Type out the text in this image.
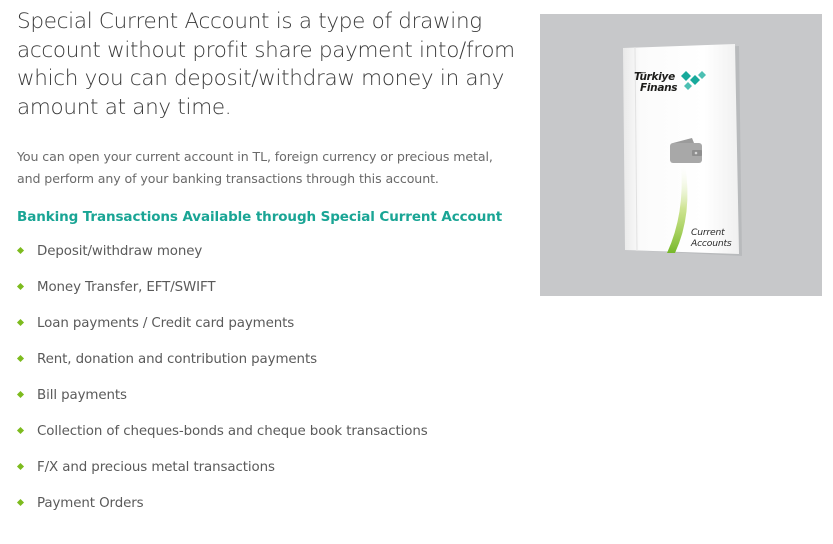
Special Current Account is a type of drawing account without profit share payment into/from which you can deposit/withdraw money in any amount at any time.

You can open your current account in TL, foreign currency or precious metal, and perform any of your banking transactions through this account.

Banking Transactions Available through Special Current Account
Deposit/withdraw money
Money Transfer, EFT/SWIFT
Loan payments / Credit card payments
Rent, donation and contribution payments
Bill payments
Collection of cheques-bonds and cheque book transactions
F/X and precious metal transactions
Payment Orders
Türkiye
Finans
Current
Accounts
